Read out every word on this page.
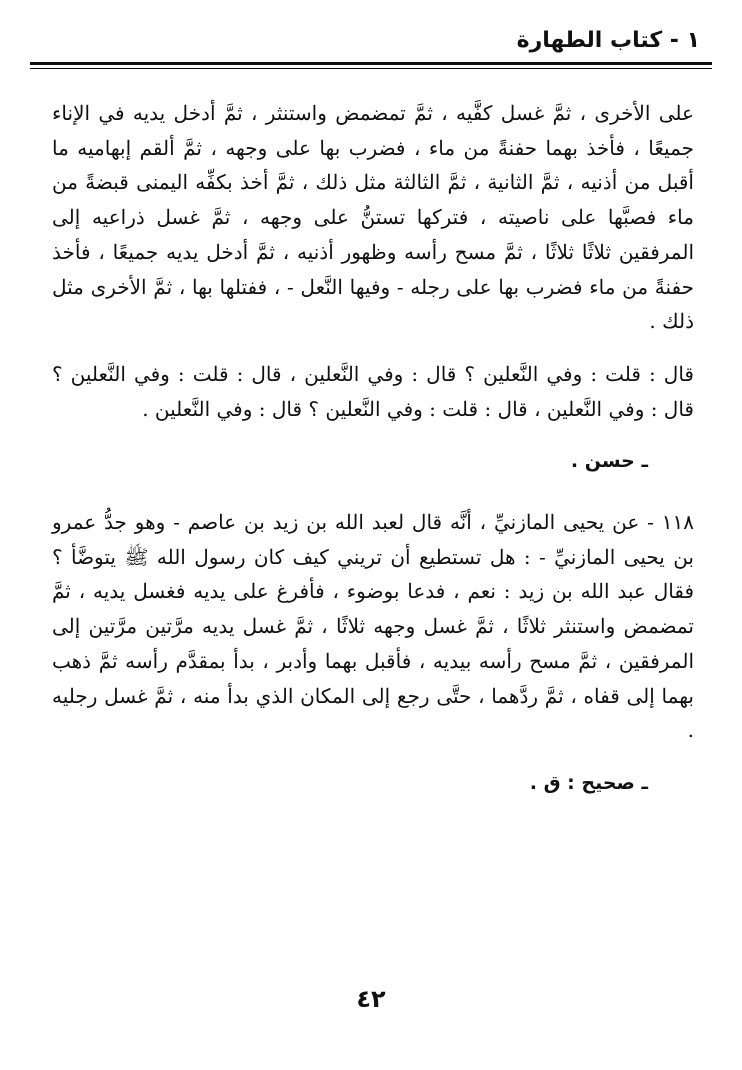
١ - كتاب الطهارة

على الأخرى ، ثمَّ غسل كفَّيه ، ثمَّ تمضمض واستنثر ، ثمَّ أدخل يديه في الإناء جميعًا ، فأخذ بهما حفنةً من ماء ، فضرب بها على وجهه ، ثمَّ ألقم إبهاميه ما أقبل من أذنيه ، ثمَّ الثانية ، ثمَّ الثالثة مثل ذلك ، ثمَّ أخذ بكفِّه اليمنى قبضةً من ماء فصبَّها على ناصيته ، فتركها تستنُّ على وجهه ، ثمَّ غسل ذراعيه إلى المرفقين ثلاثًا ثلاثًا ، ثمَّ مسح رأسه وظهور أذنيه ، ثمَّ أدخل يديه جميعًا ، فأخذ حفنةً من ماء فضرب بها على رجله - وفيها النَّعل - ، ففتلها بها ، ثمَّ الأخرى مثل ذلك .

قال : قلت : وفي النَّعلين ؟ قال : وفي النَّعلين ، قال : قلت : وفي النَّعلين ؟ قال : وفي النَّعلين ، قال : قلت : وفي النَّعلين ؟ قال : وفي النَّعلين .

ـ حسن .

١١٨ - عن يحيى المازنيِّ ، أنَّه قال لعبد الله بن زيد بن عاصم - وهو جدُّ عمرو بن يحيى المازنيِّ - : هل تستطيع أن تريني كيف كان رسول الله ﷺ يتوضَّأ ؟ فقال عبد الله بن زيد : نعم ، فدعا بوضوء ، فأفرغ على يديه فغسل يديه ، ثمَّ تمضمض واستنثر ثلاثًا ، ثمَّ غسل وجهه ثلاثًا ، ثمَّ غسل يديه مرَّتين مرَّتين إلى المرفقين ، ثمَّ مسح رأسه بيديه ، فأقبل بهما وأدبر ، بدأ بمقدَّم رأسه ثمَّ ذهب بهما إلى قفاه ، ثمَّ ردَّهما ، حتَّى رجع إلى المكان الذي بدأ منه ، ثمَّ غسل رجليه .

ـ صحيح : ق .

٤٢
